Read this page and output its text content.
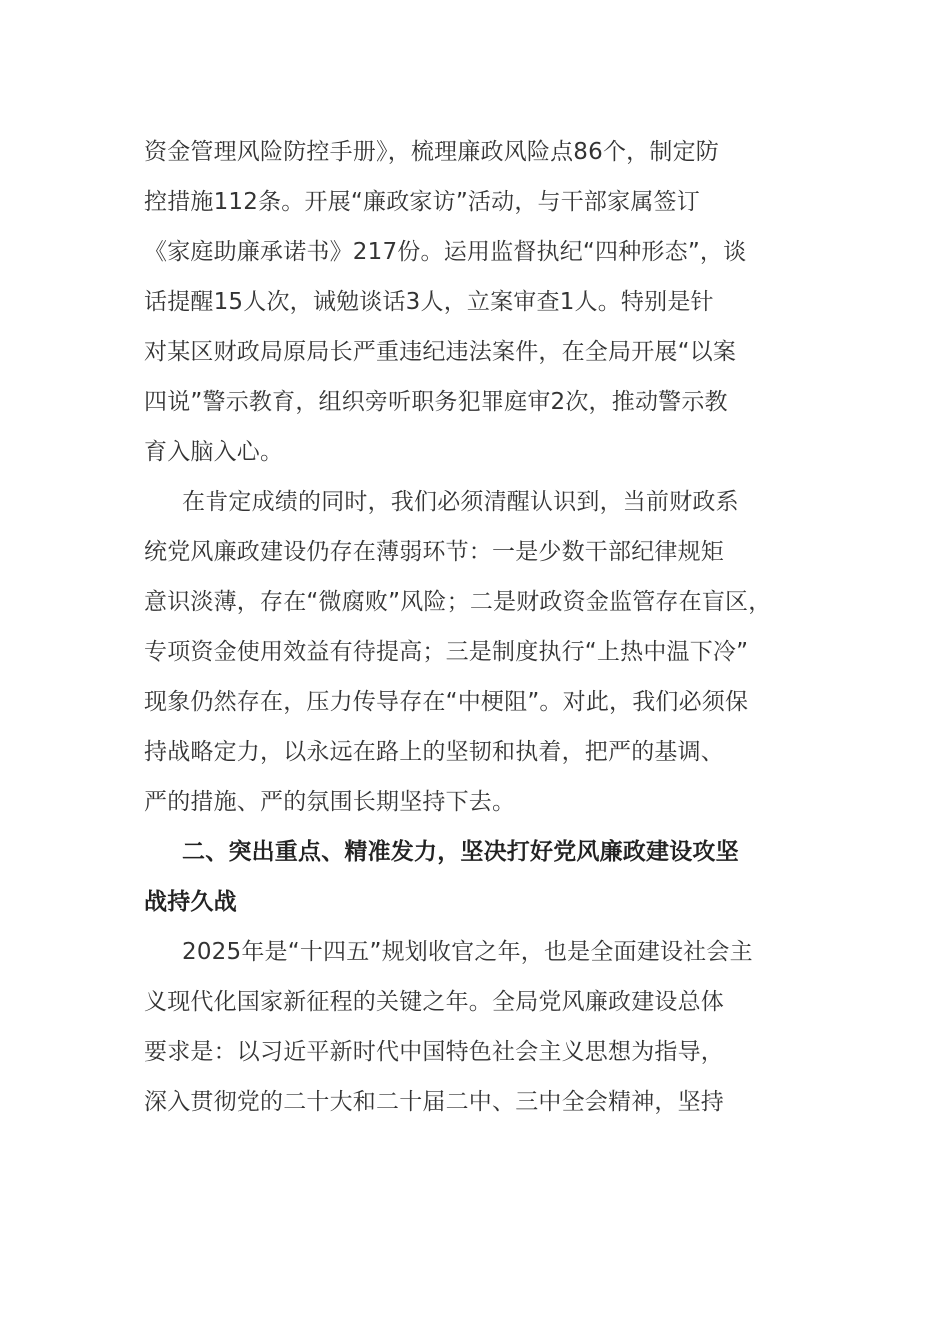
资金管理风险防控手册》，梳理廉政风险点86个，制定防
控措施112条。开展“廉政家访”活动，与干部家属签订
《家庭助廉承诺书》217份。运用监督执纪“四种形态”，谈
话提醒15人次，诫勉谈话3人，立案审查1人。特别是针
对某区财政局原局长严重违纪违法案件，在全局开展“以案
四说”警示教育，组织旁听职务犯罪庭审2次，推动警示教
育入脑入心。
在肯定成绩的同时，我们必须清醒认识到，当前财政系
统党风廉政建设仍存在薄弱环节：一是少数干部纪律规矩
意识淡薄，存在“微腐败”风险；二是财政资金监管存在盲区，
专项资金使用效益有待提高；三是制度执行“上热中温下冷”
现象仍然存在，压力传导存在“中梗阻”。对此，我们必须保
持战略定力，以永远在路上的坚韧和执着，把严的基调、
严的措施、严的氛围长期坚持下去。
二、突出重点、精准发力，坚决打好党风廉政建设攻坚
战持久战
2025年是“十四五”规划收官之年，也是全面建设社会主
义现代化国家新征程的关键之年。全局党风廉政建设总体
要求是：以习近平新时代中国特色社会主义思想为指导，
深入贯彻党的二十大和二十届二中、三中全会精神，坚持
